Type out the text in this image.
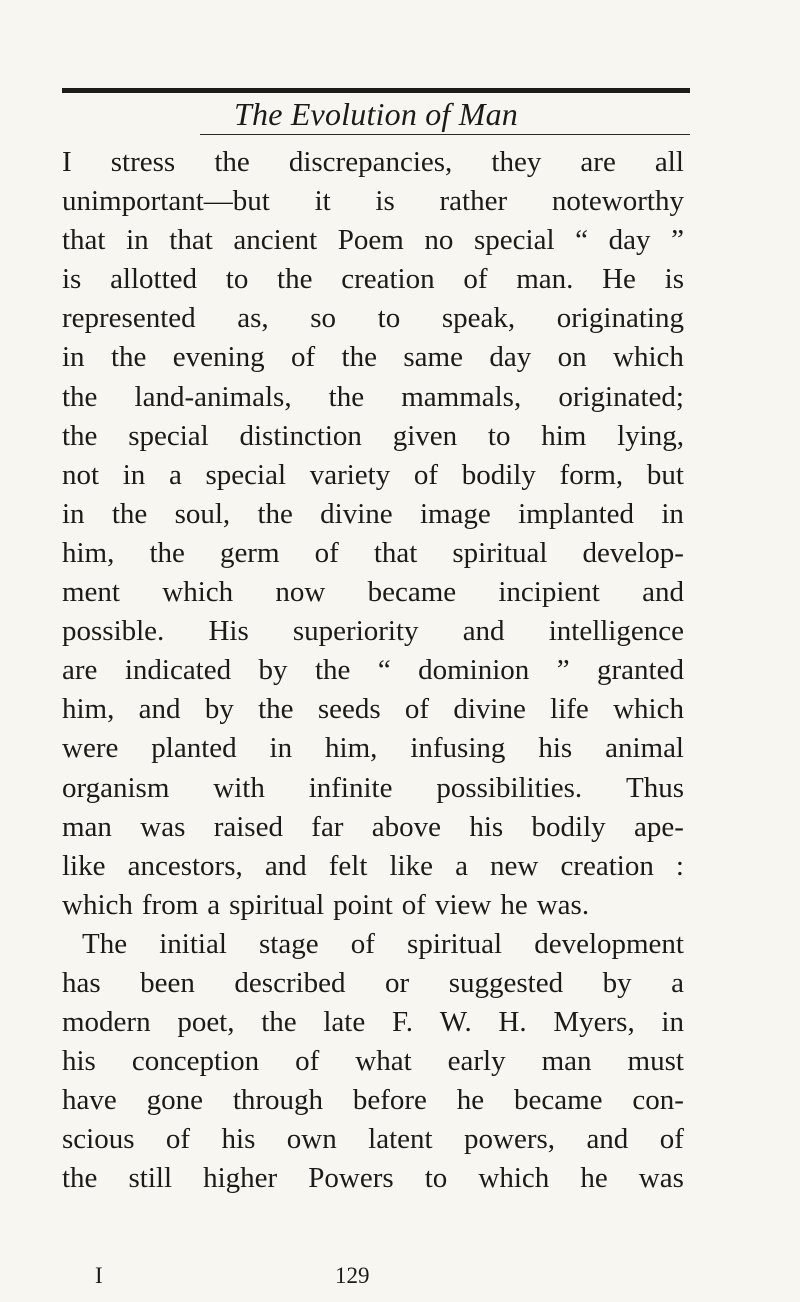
The Evolution of Man
I stress the discrepancies, they are all
unimportant—but it is rather noteworthy
that in that ancient Poem no special “ day ”
is allotted to the creation of man. He is
represented as, so to speak, originating
in the evening of the same day on which
the land-animals, the mammals, originated;
the special distinction given to him lying,
not in a special variety of bodily form, but
in the soul, the divine image implanted in
him, the germ of that spiritual develop-
ment which now became incipient and
possible. His superiority and intelligence
are indicated by the “ dominion ” granted
him, and by the seeds of divine life which
were planted in him, infusing his animal
organism with infinite possibilities. Thus
man was raised far above his bodily ape-
like ancestors, and felt like a new creation :
which from a spiritual point of view he was.
The initial stage of spiritual development
has been described or suggested by a
modern poet, the late F. W. H. Myers, in
his conception of what early man must
have gone through before he became con-
scious of his own latent powers, and of
the still higher Powers to which he was
I	129
